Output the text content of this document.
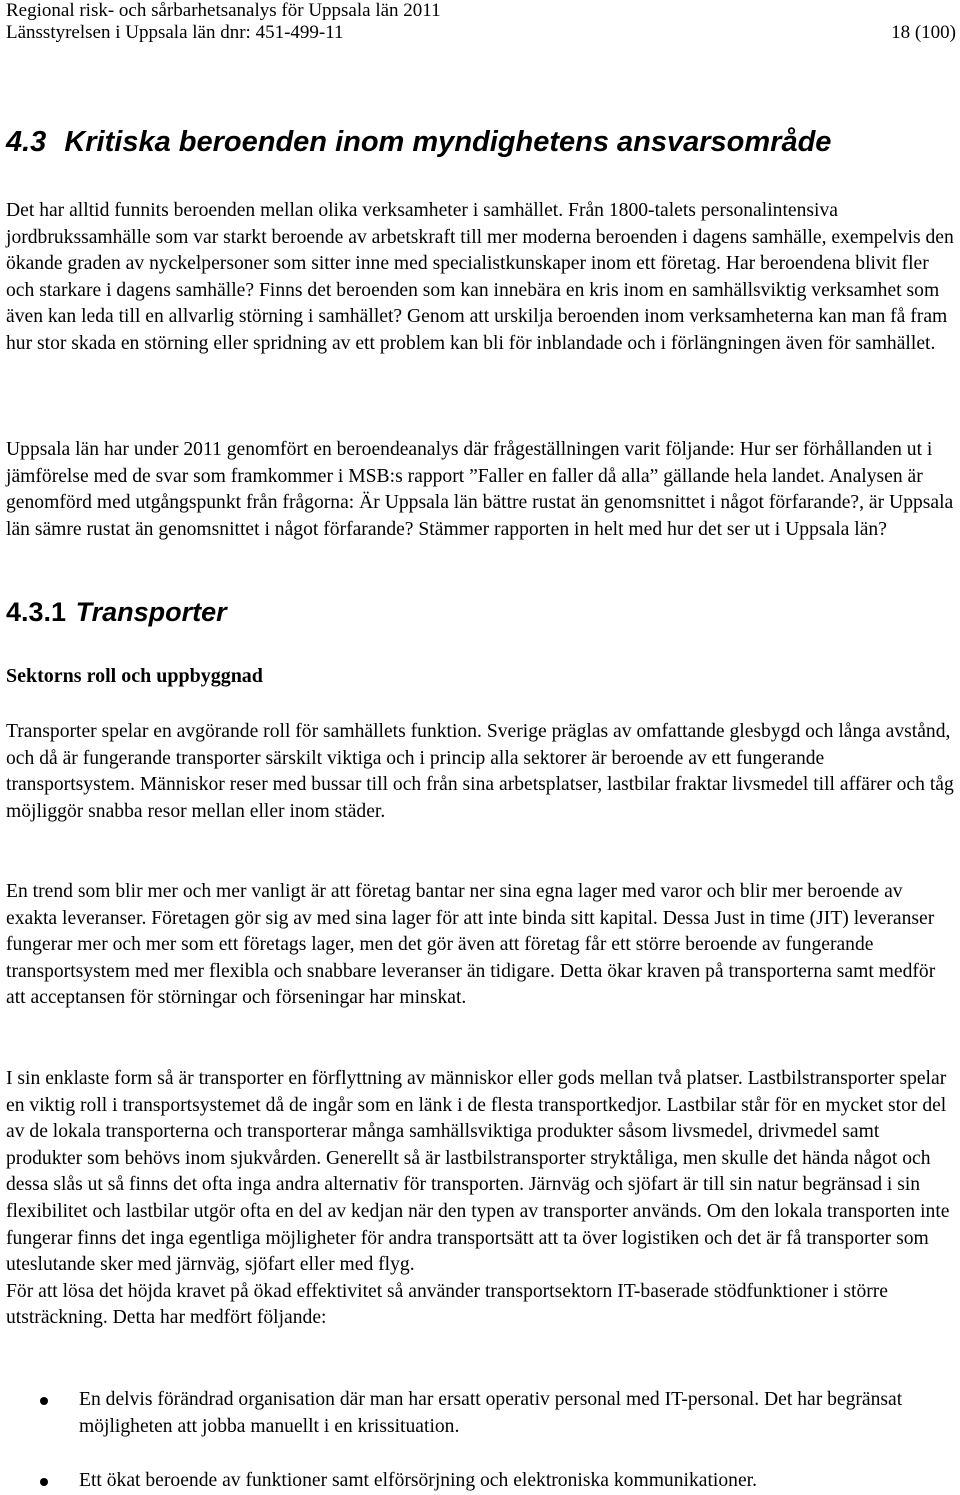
Regional risk- och sårbarhetsanalys för Uppsala län 2011
Länsstyrelsen i Uppsala län dnr: 451-499-11	18 (100)
4.3 Kritiska beroenden inom myndighetens ansvarsområde

Det har alltid funnits beroenden mellan olika verksamheter i samhället. Från 1800-talets personalintensiva jordbrukssamhälle som var starkt beroende av arbetskraft till mer moderna beroenden i dagens samhälle, exempelvis den ökande graden av nyckelpersoner som sitter inne med specialistkunskaper inom ett företag. Har beroendena blivit fler och starkare i dagens samhälle? Finns det beroenden som kan innebära en kris inom en samhällsviktig verksamhet som även kan leda till en allvarlig störning i samhället? Genom att urskilja beroenden inom verksamheterna kan man få fram hur stor skada en störning eller spridning av ett problem kan bli för inblandade och i förlängningen även för samhället.

Uppsala län har under 2011 genomfört en beroendeanalys där frågeställningen varit följande: Hur ser förhållanden ut i jämförelse med de svar som framkommer i MSB:s rapport ”Faller en faller då alla” gällande hela landet. Analysen är genomförd med utgångspunkt från frågorna: Är Uppsala län bättre rustat än genomsnittet i något förfarande?, är Uppsala län sämre rustat än genomsnittet i något förfarande? Stämmer rapporten in helt med hur det ser ut i Uppsala län?

4.3.1 Transporter
Sektorns roll och uppbyggnad

Transporter spelar en avgörande roll för samhällets funktion. Sverige präglas av omfattande glesbygd och långa avstånd, och då är fungerande transporter särskilt viktiga och i princip alla sektorer är beroende av ett fungerande transportsystem. Människor reser med bussar till och från sina arbetsplatser, lastbilar fraktar livsmedel till affärer och tåg möjliggör snabba resor mellan eller inom städer.

En trend som blir mer och mer vanligt är att företag bantar ner sina egna lager med varor och blir mer beroende av exakta leveranser. Företagen gör sig av med sina lager för att inte binda sitt kapital. Dessa Just in time (JIT) leveranser fungerar mer och mer som ett företags lager, men det gör även att företag får ett större beroende av fungerande transportsystem med mer flexibla och snabbare leveranser än tidigare. Detta ökar kraven på transporterna samt medför att acceptansen för störningar och förseningar har minskat.

I sin enklaste form så är transporter en förflyttning av människor eller gods mellan två platser. Lastbilstransporter spelar en viktig roll i transportsystemet då de ingår som en länk i de flesta transportkedjor. Lastbilar står för en mycket stor del av de lokala transporterna och transporterar många samhällsviktiga produkter såsom livsmedel, drivmedel samt produkter som behövs inom sjukvården. Generellt så är lastbilstransporter stryktåliga, men skulle det hända något och dessa slås ut så finns det ofta inga andra alternativ för transporten. Järnväg och sjöfart är till sin natur begränsad i sin flexibilitet och lastbilar utgör ofta en del av kedjan när den typen av transporter används. Om den lokala transporten inte fungerar finns det inga egentliga möjligheter för andra transportsätt att ta över logistiken och det är få transporter som uteslutande sker med järnväg, sjöfart eller med flyg.
För att lösa det höjda kravet på ökad effektivitet så använder transportsektorn IT-baserade stödfunktioner i större utsträckning. Detta har medfört följande:
En delvis förändrad organisation där man har ersatt operativ personal med IT-personal. Det har begränsat möjligheten att jobba manuellt i en krissituation.
Ett ökat beroende av funktioner samt elförsörjning och elektroniska kommunikationer.
